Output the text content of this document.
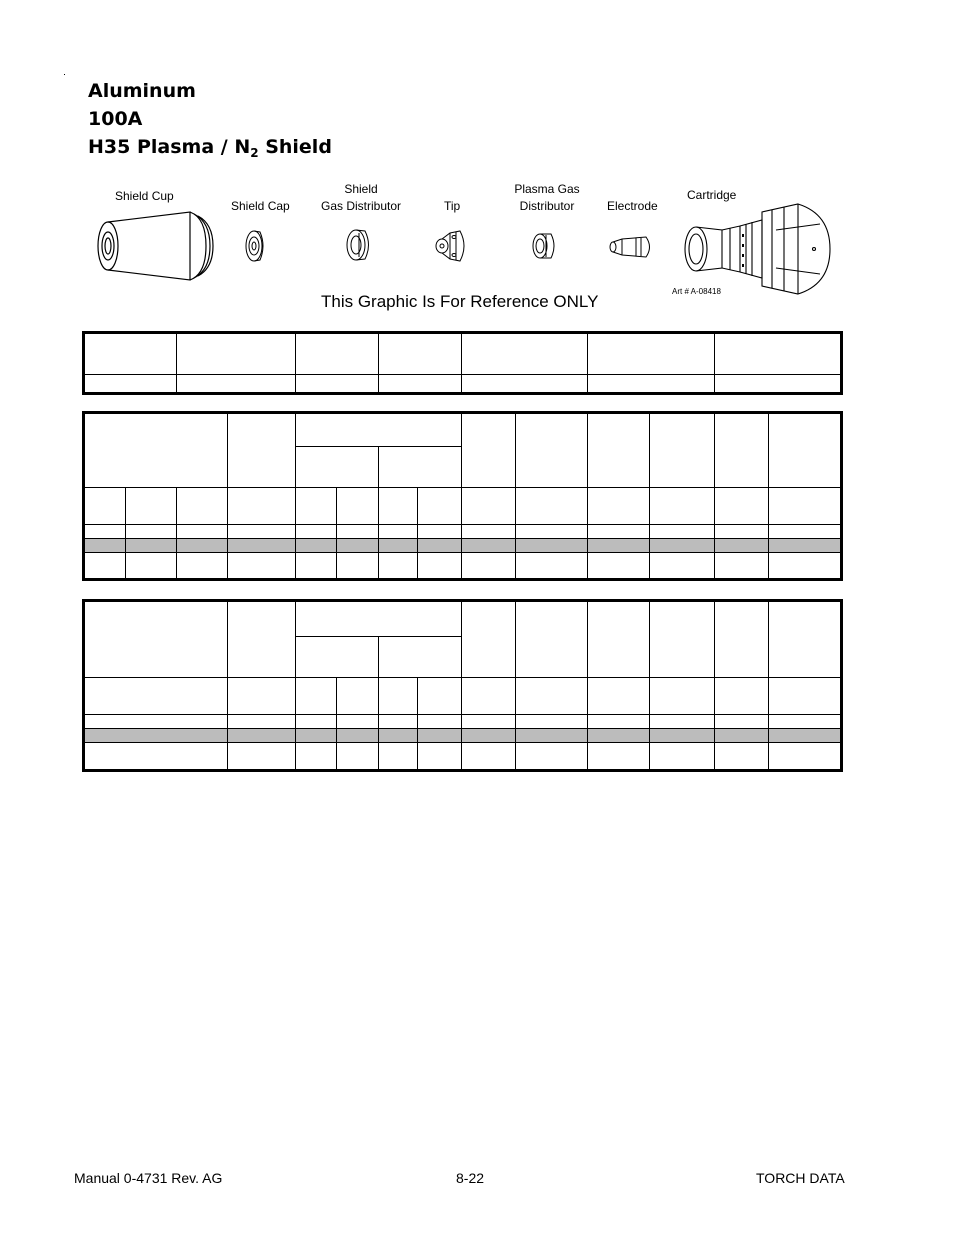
Aluminum
100A
H35 Plasma / $N_2$ Shield
Shield Cup
Shield Cap
Shield
Gas Distributor	Tip
Plasma Gas
Distributor	Electrode
Cartridge
This Graphic Is For Reference ONLY
Art # A-08418

Manual 0-4731 Rev. AG	8-22	TORCH DATA
